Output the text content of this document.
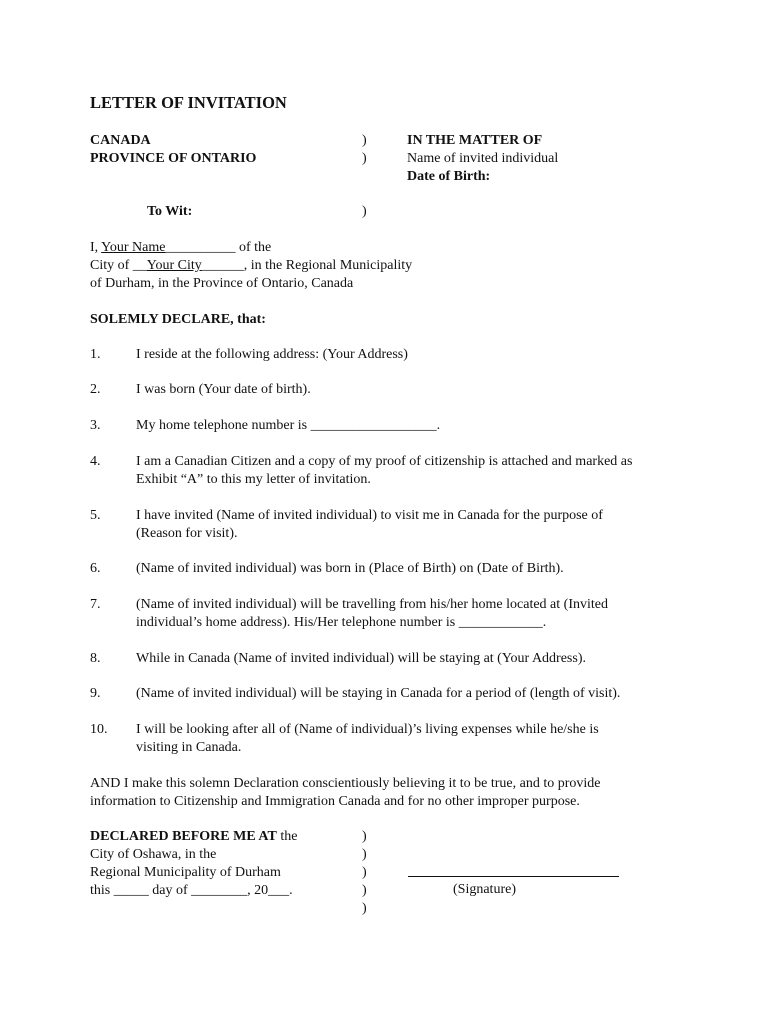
LETTER OF INVITATION
CANADA
PROVINCE OF ONTARIO
)
)
IN THE MATTER OF
Name of invited individual
Date of Birth:
To Wit:	)
I, Your Name__________ of the
City of __Your City______, in the Regional Municipality
of Durham, in the Province of Ontario, Canada
SOLEMLY DECLARE, that:
1.	I reside at the following address: (Your Address)
2.	I was born (Your date of birth).
3.	My home telephone number is __________________.
4.	I am a Canadian Citizen and a copy of my proof of citizenship is attached and marked as
Exhibit “A” to this my letter of invitation.
5.	I have invited (Name of invited individual) to visit me in Canada for the purpose of
(Reason for visit).
6.	(Name of invited individual) was born in (Place of Birth) on (Date of Birth).
7.	(Name of invited individual) will be travelling from his/her home located at (Invited
individual’s home address). His/Her telephone number is ____________.
8.	While in Canada (Name of invited individual) will be staying at (Your Address).
9.	(Name of invited individual) will be staying in Canada for a period of (length of visit).
10. I will be looking after all of (Name of individual)’s living expenses while he/she is
visiting in Canada.
AND I make this solemn Declaration conscientiously believing it to be true, and to provide
information to Citizenship and Immigration Canada and for no other improper purpose.
DECLARED BEFORE ME AT the
City of Oshawa, in the
Regional Municipality of Durham
this _____ day of ________, 20___.
)
)
)
)
)
(Signature)
